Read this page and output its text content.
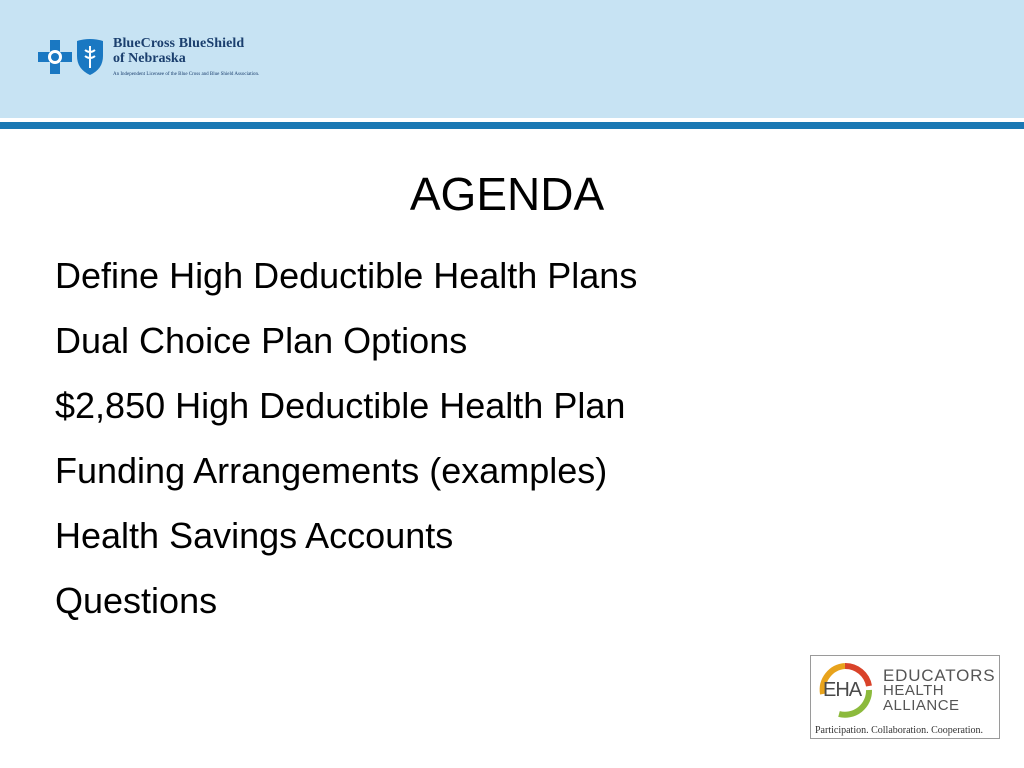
BlueCross BlueShield
of Nebraska
An Independent Licensee of the Blue Cross and Blue Shield Association.
AGENDA
Define High Deductible Health Plans
Dual Choice Plan Options
$2,850 High Deductible Health Plan
Funding Arrangements (examples)
Health Savings Accounts
Questions
EHA
EDUCATORS
HEALTH
ALLIANCE
Participation. Collaboration. Cooperation.
